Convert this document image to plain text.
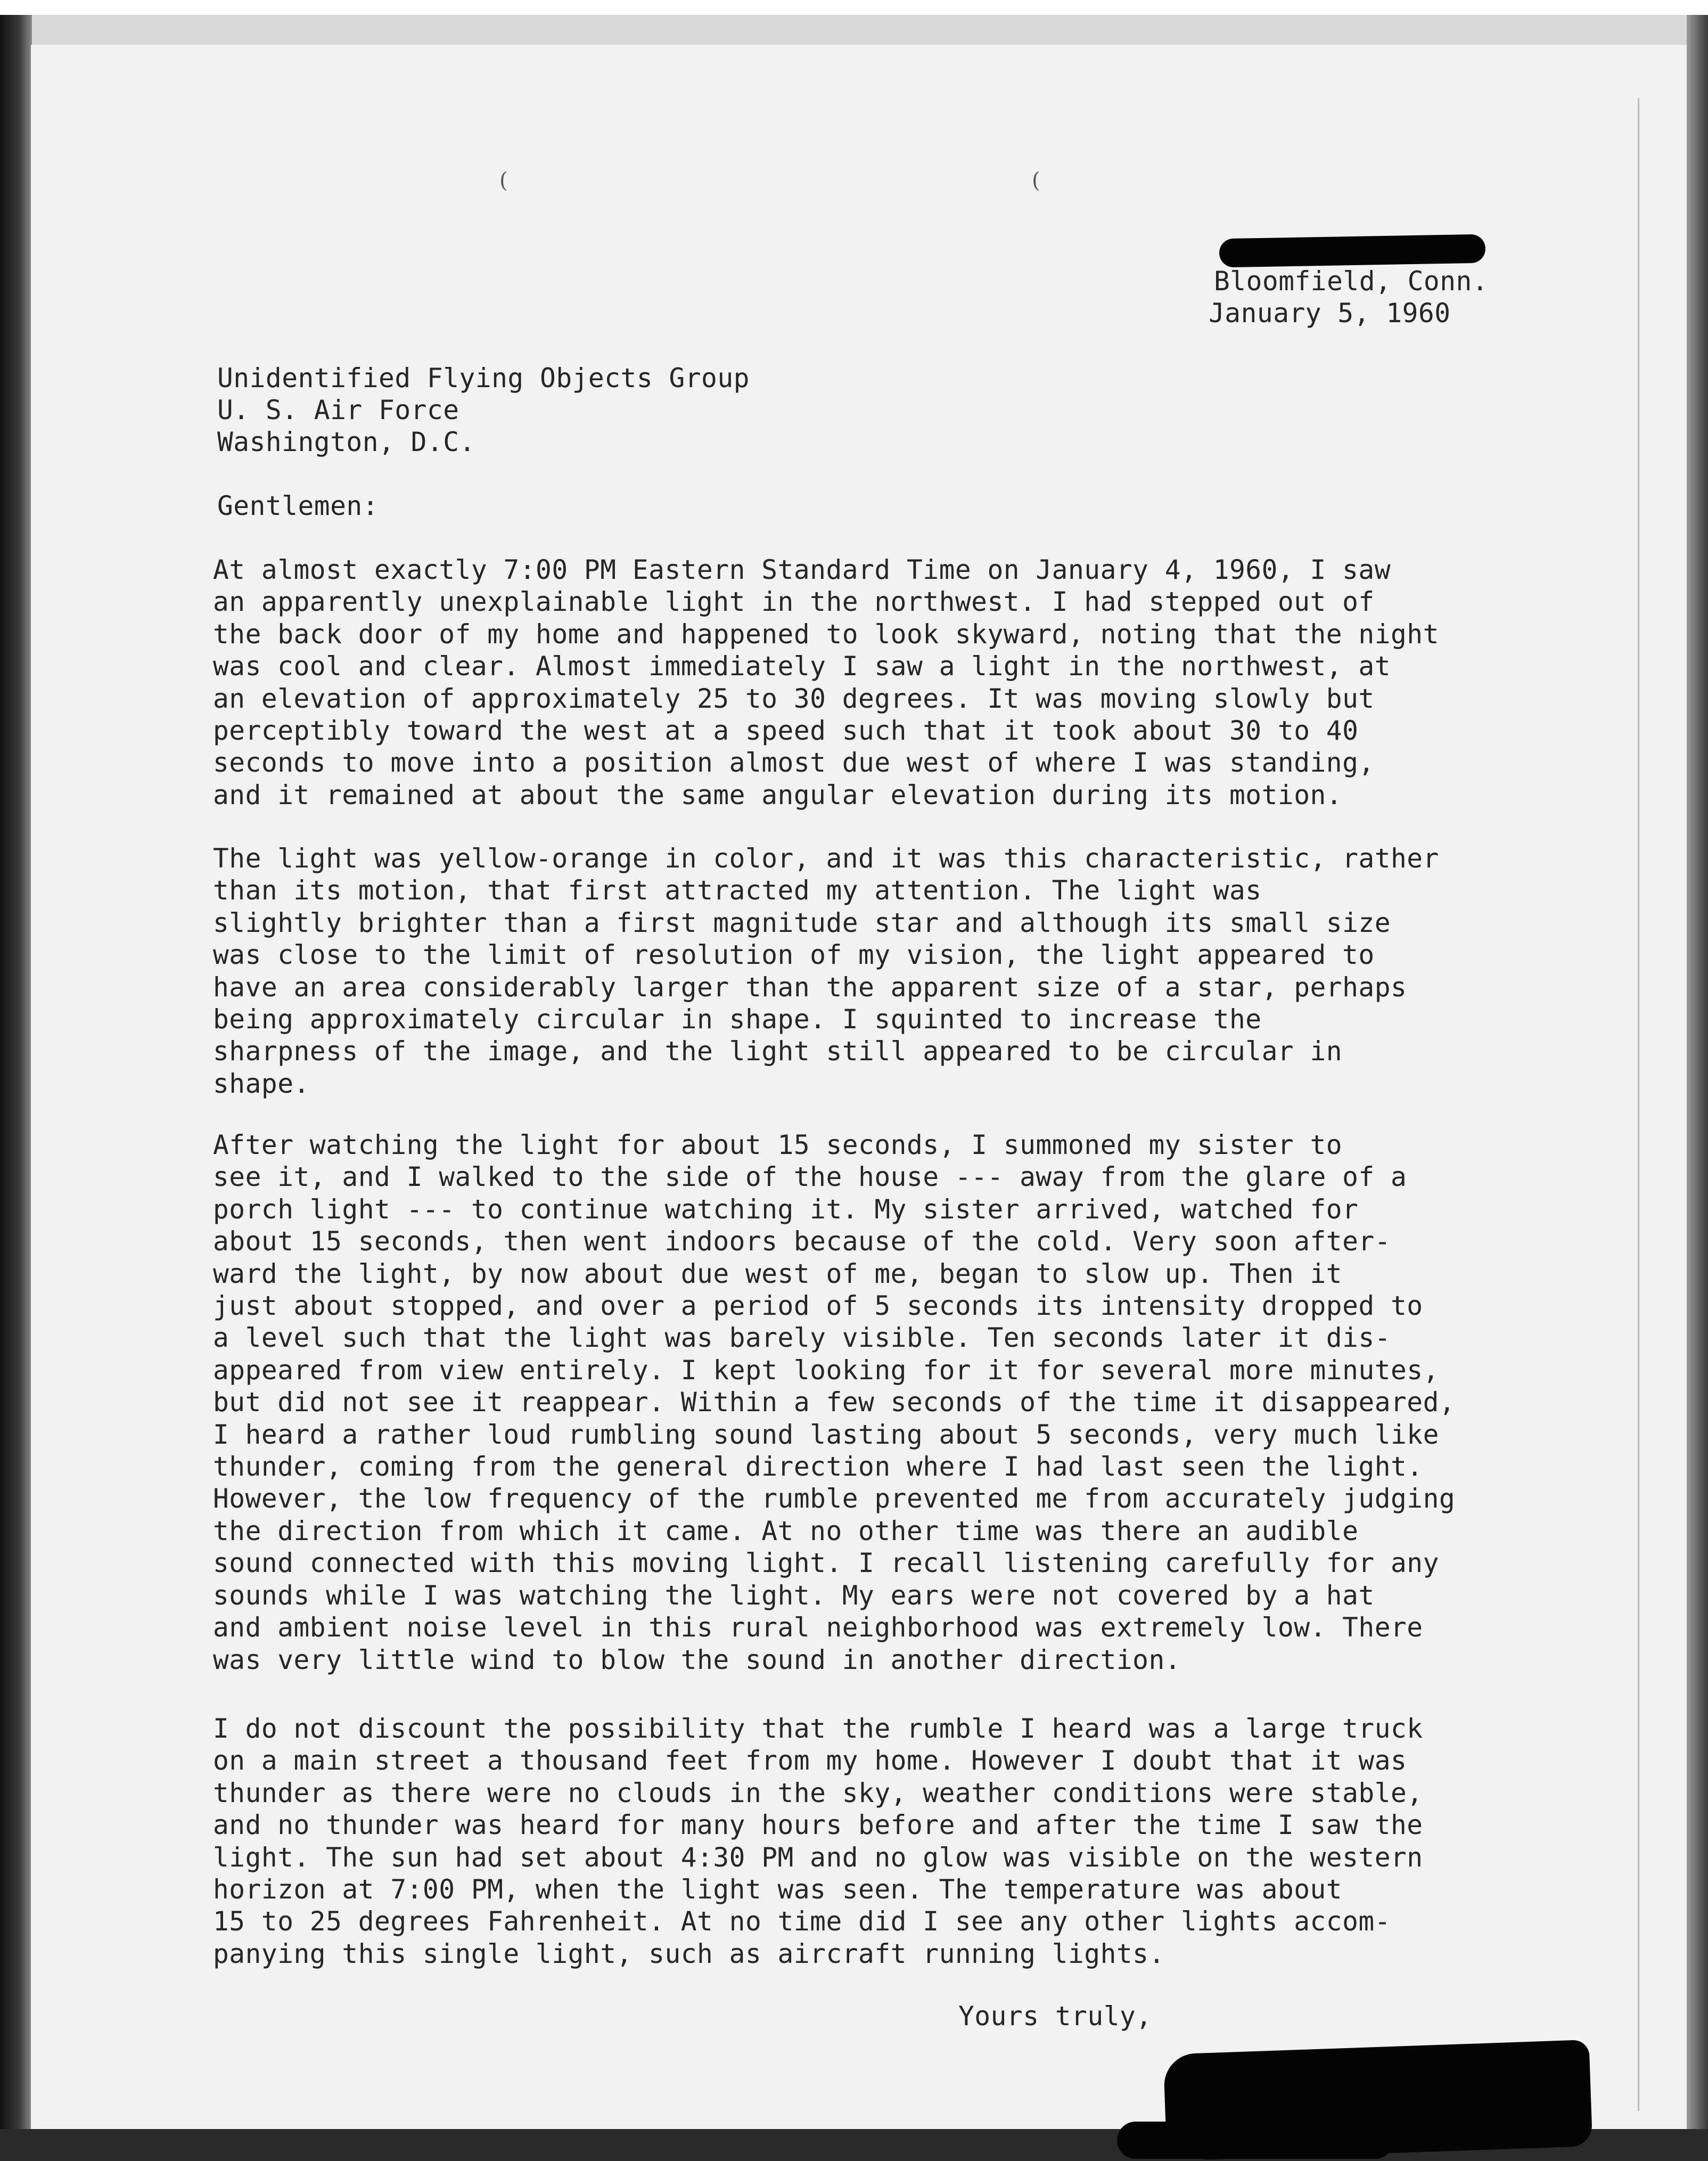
(	(
Bloomfield, Conn.
January 5, 1960
Unidentified Flying Objects Group
U. S. Air Force
Washington, D.C.
Gentlemen:

At almost exactly 7:00 PM Eastern Standard Time on January 4, 1960, I saw
an apparently unexplainable light in the northwest. I had stepped out of
the back door of my home and happened to look skyward, noting that the night
was cool and clear. Almost immediately I saw a light in the northwest, at
an elevation of approximately 25 to 30 degrees. It was moving slowly but
perceptibly toward the west at a speed such that it took about 30 to 40
seconds to move into a position almost due west of where I was standing,
and it remained at about the same angular elevation during its motion.

The light was yellow-orange in color, and it was this characteristic, rather
than its motion, that first attracted my attention. The light was
slightly brighter than a first magnitude star and although its small size
was close to the limit of resolution of my vision, the light appeared to
have an area considerably larger than the apparent size of a star, perhaps
being approximately circular in shape. I squinted to increase the
sharpness of the image, and the light still appeared to be circular in
shape.

After watching the light for about 15 seconds, I summoned my sister to
see it, and I walked to the side of the house --- away from the glare of a
porch light --- to continue watching it. My sister arrived, watched for
about 15 seconds, then went indoors because of the cold. Very soon after-
ward the light, by now about due west of me, began to slow up. Then it
just about stopped, and over a period of 5 seconds its intensity dropped to
a level such that the light was barely visible. Ten seconds later it dis-
appeared from view entirely. I kept looking for it for several more minutes,
but did not see it reappear. Within a few seconds of the time it disappeared,
I heard a rather loud rumbling sound lasting about 5 seconds, very much like
thunder, coming from the general direction where I had last seen the light.
However, the low frequency of the rumble prevented me from accurately judging
the direction from which it came. At no other time was there an audible
sound connected with this moving light. I recall listening carefully for any
sounds while I was watching the light. My ears were not covered by a hat
and ambient noise level in this rural neighborhood was extremely low. There
was very little wind to blow the sound in another direction.

I do not discount the possibility that the rumble I heard was a large truck
on a main street a thousand feet from my home. However I doubt that it was
thunder as there were no clouds in the sky, weather conditions were stable,
and no thunder was heard for many hours before and after the time I saw the
light. The sun had set about 4:30 PM and no glow was visible on the western
horizon at 7:00 PM, when the light was seen. The temperature was about
15 to 25 degrees Fahrenheit. At no time did I see any other lights accom-
panying this single light, such as aircraft running lights.

Yours truly,
